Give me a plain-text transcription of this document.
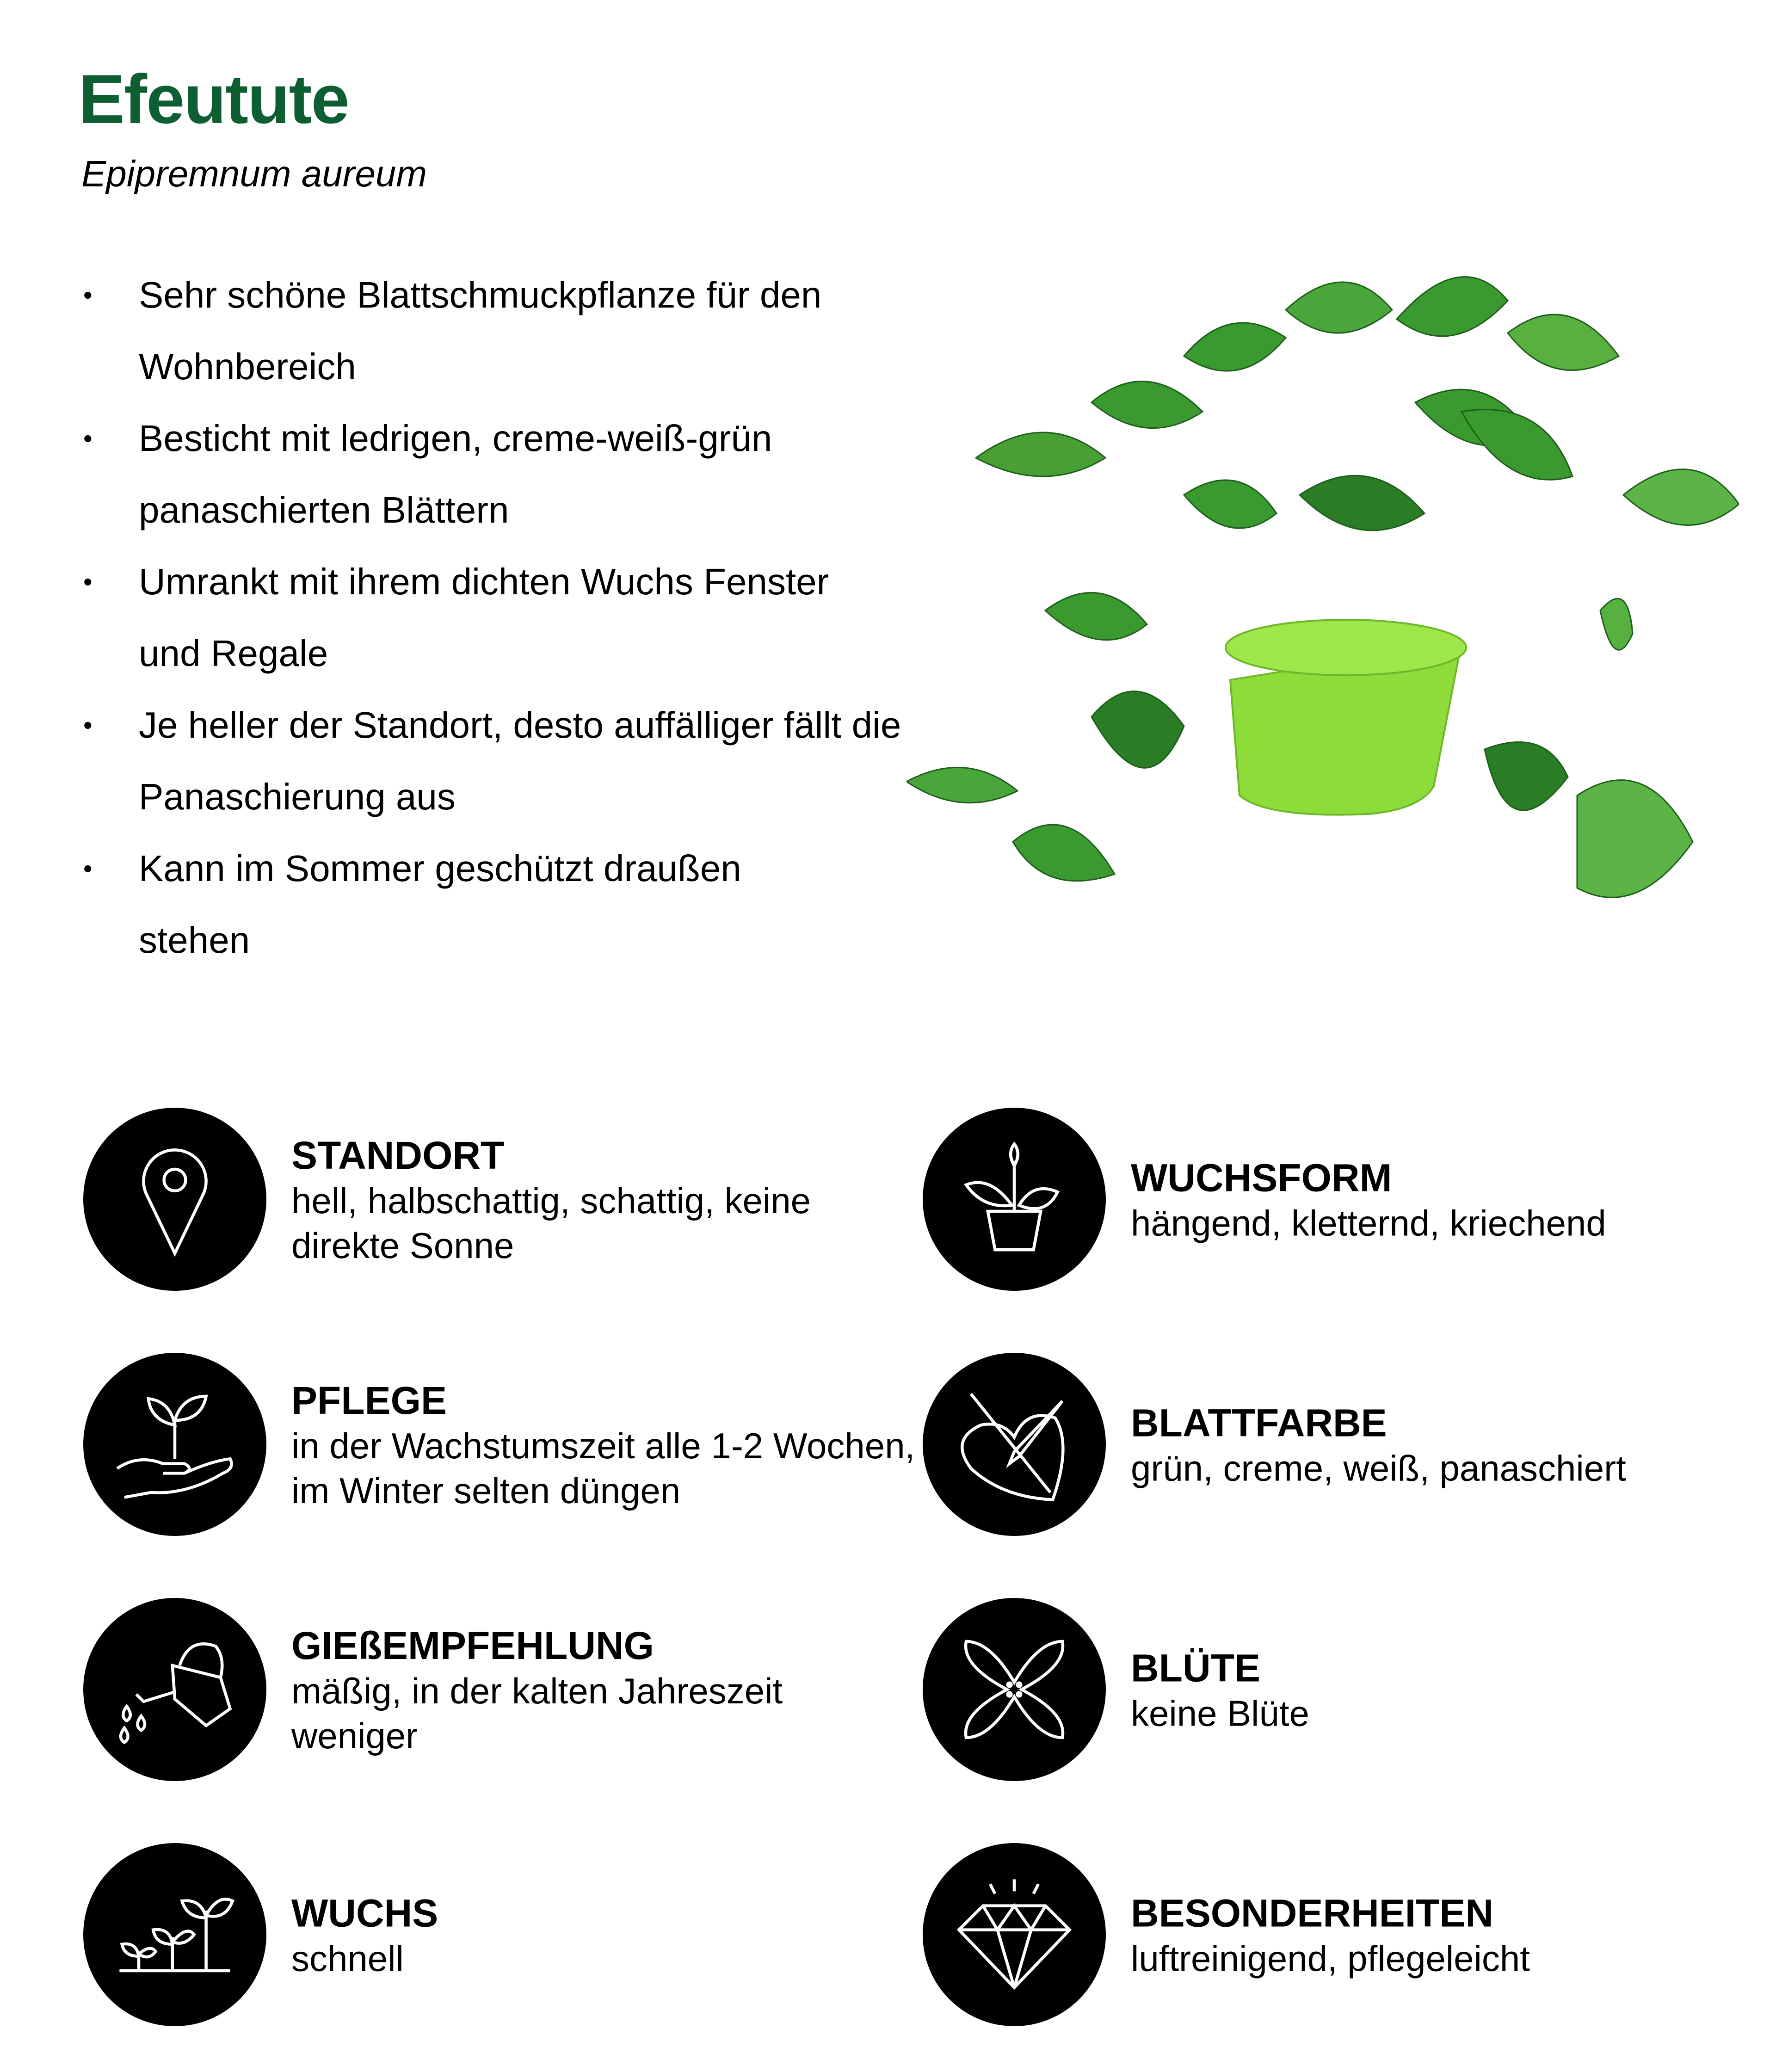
Efeutute
Epipremnum aureum
• Sehr schöne Blattschmuckpflanze für den Wohnbereich
• Besticht mit ledrigen, creme-weiß-grün panaschierten Blättern
• Umrankt mit ihrem dichten Wuchs Fenster und Regale
• Je heller der Standort, desto auffälliger fällt die Panaschierung aus
• Kann im Sommer geschützt draußen stehen
STANDORT
hell, halbschattig, schattig, keine direkte Sonne
WUCHSFORM
hängend, kletternd, kriechend
PFLEGE
in der Wachstumszeit alle 1-2 Wochen, im Winter selten düngen
BLATTFARBE
grün, creme, weiß, panaschiert
GIEßEMPFEHLUNG
mäßig, in der kalten Jahreszeit weniger
BLÜTE
keine Blüte
WUCHS
schnell
BESONDERHEITEN
luftreinigend, pflegeleicht
